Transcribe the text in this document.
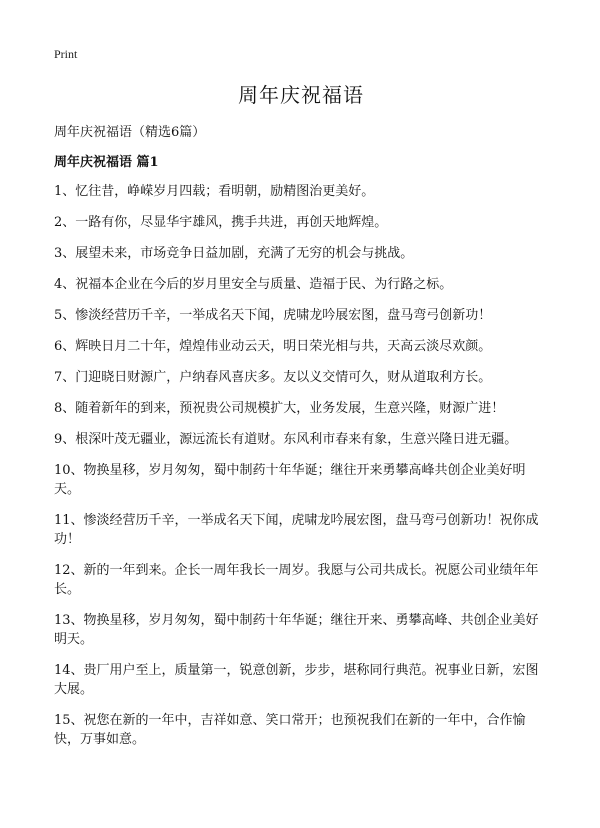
Print
周年庆祝福语
周年庆祝福语（精选6篇）
周年庆祝福语 篇1
1、忆往昔，峥嵘岁月四载；看明朝，励精图治更美好。
2、一路有你，尽显华宇雄风，携手共进，再创天地辉煌。
3、展望未来，市场竞争日益加剧，充满了无穷的机会与挑战。
4、祝福本企业在今后的岁月里安全与质量、造福于民、为行路之标。
5、惨淡经营历千辛，一举成名天下闻，虎啸龙吟展宏图，盘马弯弓创新功！
6、辉映日月二十年，煌煌伟业动云天，明日荣光相与共，天高云淡尽欢颜。
7、门迎晓日财源广，户纳春风喜庆多。友以义交情可久，财从道取利方长。
8、随着新年的到来，预祝贵公司规模扩大，业务发展，生意兴隆，财源广进！
9、根深叶茂无疆业，源远流长有道财。东风利市春来有象，生意兴隆日进无疆。
10、物换星移，岁月匆匆，蜀中制药十年华诞；继往开来勇攀高峰共创企业美好明天。
11、惨淡经营历千辛，一举成名天下闻，虎啸龙吟展宏图，盘马弯弓创新功！祝你成功！
12、新的一年到来。企长一周年我长一周岁。我愿与公司共成长。祝愿公司业绩年年长。
13、物换星移，岁月匆匆，蜀中制药十年华诞；继往开来、勇攀高峰、共创企业美好明天。
14、贵厂用户至上，质量第一，锐意创新，步步，堪称同行典范。祝事业日新，宏图大展。
15、祝您在新的一年中，吉祥如意、笑口常开；也预祝我们在新的一年中，合作愉快，万事如意。
